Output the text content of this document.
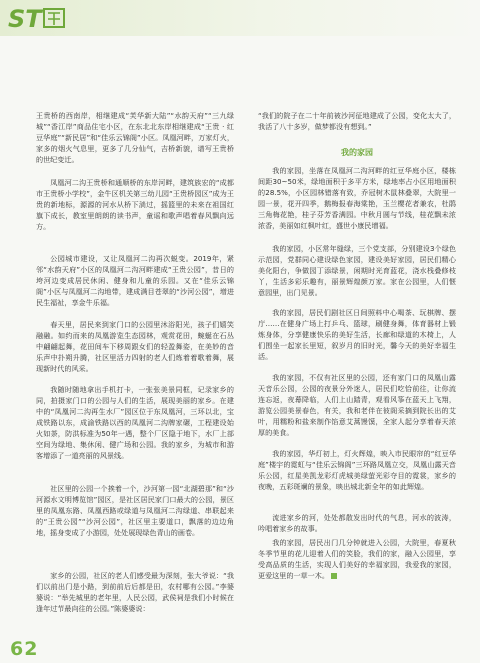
ST

王贵桥的西南岸，相继建成“芙华新大陆”“水韵天府”“三九绿城”“香江岸”商品住宅小区，在东北北东岸相继建成“王贵 · 红豆华庭”“新民居”和“佳乐云锦阁”小区。凤凰河畔，万家灯火，家多的烟火气息里，更多了几分仙气，吉桥新貌，谱写王贵桥的世纪变迁。

凤凰河二沟王贵桥和通顺桥的东岸河畔，建筑族宏的“成都市王贵桥小学校”，金牛区机关第三幼儿园“王贵桥园区”成为王贵的新地标，源源的河水从桥下淌过，摇篮里的未来在祖国红旗下成长，教室里朗朗的读书声，童谣和歌声唱着春风飘向远方。

公园城市建设，又让凤凰河二沟再次蜕变。2019年，紧邻“水韵天府”小区的凤凰河二沟河畔建成“王贵公园”，昔日的垮河边变成居民休闲、健身和儿童的乐园。又在“佳乐云锦阁”小区与凤凰河二沟地带，建成满目苍翠的“沙河公园”，增进民生福祉，享金牛乐福。

春天里，居民来到家门口的公园里沐浴阳光，孩子们嬉笑融融。如约而来的凤凰游览生态园林，观赏花田，蜿蜒在石丛中翩翩起舞，花田间车下移周跟女们的轻盈舞姿，在美妙的音乐声中扑朔升腾，社区里活力四射的老人们炼着着歌着舞，展现新时代的风采。

我随时随地拿出手机打卡，一张张美景同框，记录家乡的同，拍摄家门口的公园与人们的生活，展现美丽的家乡。在建中的“凤凰河二沟再生水厂”园区位于东凤凰河，三环以北，宝成铁路以东，成渝铁路以西的凤凰河二沟牌家碾，工程建设始火如荼，防洪标准为50年一遇，整个厂区隐于地下，水厂上部空间为绿地、集休闲、健广场和公园。我的家乡，为城市和游客增添了一道亮丽的风景线。

社区里的公园一个挨着一个，沙河第一园“北湖碧那”和“沙河源水文明博览馆”园区，是社区居民家门口最大的公园，景区里的凤凰东路、凤凰西路或绿道与凤凰河二沟绿道、串联起来的“王贵公园”“沙河公园”，社区里主要道口，飘落的边边角地，摇身变成了小游园，处处展现绿色青山的画卷。

家乡的公园，社区的老人们感受最为深刻，张大爷说：“我们以前出门是小路，到前前后后都是田，农村哪有公园。”李婆婆说：“举先城里的老年里，人民公园，武侯祠是我们小时候在逢年过节最向往的公园。”陈婆婆说：

“我们的院子在二十年前被沙河征地建成了公园，变化太大了，我活了八十多岁，做梦都没有想到。”

我的家园

我的家园，坐落在凤凰河二沟河畔的红豆华庭小区，楼栋间距30~50米，绿地面积于多平方米，绿地率占小区用地面积的28.5%，小区园林错落有致，乔冠树木鼠林叠翠，大院里一园一景，花开四季，鹅梅报春海棠艳，玉兰樱花者兼农，杜鹃三角梅花艳，桂子芬芳香满园。中秋月圆与节线，桂花飘未浓浓香，美丽如红枫叶红，盛世小康民增福。

我的家园，小区常年缝绿，三个党支部，分别建设3个绿色示范园，党群同心建设绿色家园，建设美好家园，居民们精心美化阳台，争做园丁添绿景，闲期时光育蓝花，浇水栈叠修枝丫，生活多彩乐趣有，丽景辉煌颜万家。家在公园里，人们惬意园里，出门见景。

我的家园，居民们剧社区日间照料中心喝茶、玩棋牌、摆庁……在健身广场上打乒乓、篮球，刷健身舞，体育器材上锻炼身体，分享健康快乐的美好生活，长廊和绿道的木椅上，人们围坐一起家长里短，叙岁月的旧时光，馨今天的美好幸福生活。

我的家园，不仅有社区里的公园，还有家门口的凤凰山露天音乐公园，公园的夜景分外迷人，居民们吃恰前往，让你流连忘返，夜幕降临，人们上山踏青，观看风筝在蓝天上飞翔，游览公园美景春色，有关，我和老伴在彼阁采摘到院长出的艾叶，用糯粉和盐来制作馅意艾蒿馒馍，全家人起分享着春天浓厚的美食。

我的家园，华灯初上，灯火辉煌，映入市民眼帘的“红豆华庭”楼宇的霓虹与“佳乐云锦阁”三环路凤凰立交，凤凰山露天音乐公园，红星美凯龙彩灯虎城美绿萤光彩夺目的霓裳，家乡的夜晚，五彩斑斓的景象，映出城北新全年的如此辉煌。

流进家乡的河，处处都散发出时代的气息，河水的波涛，吟唱着家乡的故事。

我的家园，居民出门几分钟就进入公园，大院里，春夏秋冬季节里的花儿迎着人们的笑脸，我们的家，融入公园里，享受高品质的生活，实现人们美好的幸福家园，我爱我的家园，更爱这里的一草一木。

62
